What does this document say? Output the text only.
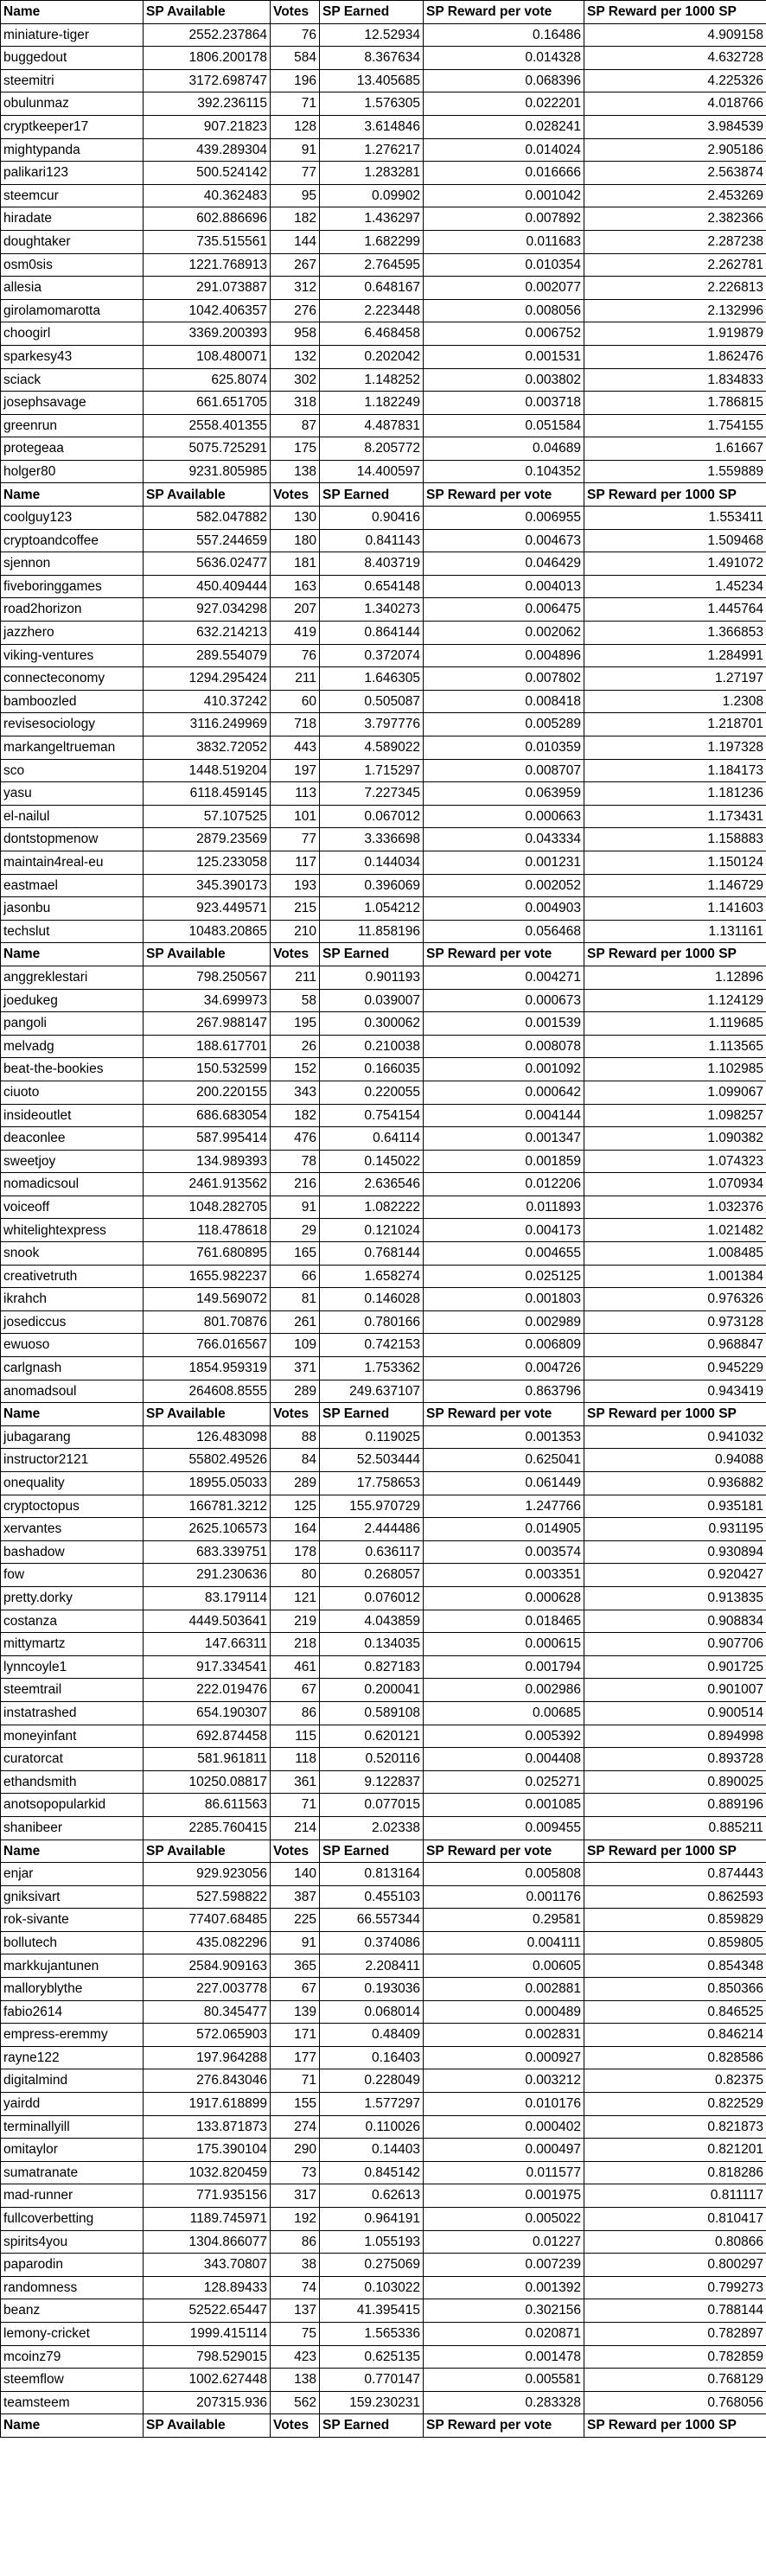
Name	SP Available	Votes	SP Earned	SP Reward per vote	SP Reward per 1000 SP
miniature-tiger	2552.237864	76	12.52934	0.16486	4.909158
buggedout	1806.200178	584	8.367634	0.014328	4.632728
steemitri	3172.698747	196	13.405685	0.068396	4.225326
obulunmaz	392.236115	71	1.576305	0.022201	4.018766
cryptkeeper17	907.21823	128	3.614846	0.028241	3.984539
mightypanda	439.289304	91	1.276217	0.014024	2.905186
palikari123	500.524142	77	1.283281	0.016666	2.563874
steemcur	40.362483	95	0.09902	0.001042	2.453269
hiradate	602.886696	182	1.436297	0.007892	2.382366
doughtaker	735.515561	144	1.682299	0.011683	2.287238
osm0sis	1221.768913	267	2.764595	0.010354	2.262781
allesia	291.073887	312	0.648167	0.002077	2.226813
girolamomarotta	1042.406357	276	2.223448	0.008056	2.132996
choogirl	3369.200393	958	6.468458	0.006752	1.919879
sparkesy43	108.480071	132	0.202042	0.001531	1.862476
sciack	625.8074	302	1.148252	0.003802	1.834833
josephsavage	661.651705	318	1.182249	0.003718	1.786815
greenrun	2558.401355	87	4.487831	0.051584	1.754155
protegeaa	5075.725291	175	8.205772	0.04689	1.61667
holger80	9231.805985	138	14.400597	0.104352	1.559889
Name	SP Available	Votes	SP Earned	SP Reward per vote	SP Reward per 1000 SP
coolguy123	582.047882	130	0.90416	0.006955	1.553411
cryptoandcoffee	557.244659	180	0.841143	0.004673	1.509468
sjennon	5636.02477	181	8.403719	0.046429	1.491072
fiveboringgames	450.409444	163	0.654148	0.004013	1.45234
road2horizon	927.034298	207	1.340273	0.006475	1.445764
jazzhero	632.214213	419	0.864144	0.002062	1.366853
viking-ventures	289.554079	76	0.372074	0.004896	1.284991
connecteconomy	1294.295424	211	1.646305	0.007802	1.27197
bamboozled	410.37242	60	0.505087	0.008418	1.2308
revisesociology	3116.249969	718	3.797776	0.005289	1.218701
markangeltrueman	3832.72052	443	4.589022	0.010359	1.197328
sco	1448.519204	197	1.715297	0.008707	1.184173
yasu	6118.459145	113	7.227345	0.063959	1.181236
el-nailul	57.107525	101	0.067012	0.000663	1.173431
dontstopmenow	2879.23569	77	3.336698	0.043334	1.158883
maintain4real-eu	125.233058	117	0.144034	0.001231	1.150124
eastmael	345.390173	193	0.396069	0.002052	1.146729
jasonbu	923.449571	215	1.054212	0.004903	1.141603
techslut	10483.20865	210	11.858196	0.056468	1.131161
Name	SP Available	Votes	SP Earned	SP Reward per vote	SP Reward per 1000 SP
anggreklestari	798.250567	211	0.901193	0.004271	1.12896
joedukeg	34.699973	58	0.039007	0.000673	1.124129
pangoli	267.988147	195	0.300062	0.001539	1.119685
melvadg	188.617701	26	0.210038	0.008078	1.113565
beat-the-bookies	150.532599	152	0.166035	0.001092	1.102985
ciuoto	200.220155	343	0.220055	0.000642	1.099067
insideoutlet	686.683054	182	0.754154	0.004144	1.098257
deaconlee	587.995414	476	0.64114	0.001347	1.090382
sweetjoy	134.989393	78	0.145022	0.001859	1.074323
nomadicsoul	2461.913562	216	2.636546	0.012206	1.070934
voiceoff	1048.282705	91	1.082222	0.011893	1.032376
whitelightexpress	118.478618	29	0.121024	0.004173	1.021482
snook	761.680895	165	0.768144	0.004655	1.008485
creativetruth	1655.982237	66	1.658274	0.025125	1.001384
ikrahch	149.569072	81	0.146028	0.001803	0.976326
josediccus	801.70876	261	0.780166	0.002989	0.973128
ewuoso	766.016567	109	0.742153	0.006809	0.968847
carlgnash	1854.959319	371	1.753362	0.004726	0.945229
anomadsoul	264608.8555	289	249.637107	0.863796	0.943419
Name	SP Available	Votes	SP Earned	SP Reward per vote	SP Reward per 1000 SP
jubagarang	126.483098	88	0.119025	0.001353	0.941032
instructor2121	55802.49526	84	52.503444	0.625041	0.94088
onequality	18955.05033	289	17.758653	0.061449	0.936882
cryptoctopus	166781.3212	125	155.970729	1.247766	0.935181
xervantes	2625.106573	164	2.444486	0.014905	0.931195
bashadow	683.339751	178	0.636117	0.003574	0.930894
fow	291.230636	80	0.268057	0.003351	0.920427
pretty.dorky	83.179114	121	0.076012	0.000628	0.913835
costanza	4449.503641	219	4.043859	0.018465	0.908834
mittymartz	147.66311	218	0.134035	0.000615	0.907706
lynncoyle1	917.334541	461	0.827183	0.001794	0.901725
steemtrail	222.019476	67	0.200041	0.002986	0.901007
instatrashed	654.190307	86	0.589108	0.00685	0.900514
moneyinfant	692.874458	115	0.620121	0.005392	0.894998
curatorcat	581.961811	118	0.520116	0.004408	0.893728
ethandsmith	10250.08817	361	9.122837	0.025271	0.890025
anotsopopularkid	86.611563	71	0.077015	0.001085	0.889196
shanibeer	2285.760415	214	2.02338	0.009455	0.885211
Name	SP Available	Votes	SP Earned	SP Reward per vote	SP Reward per 1000 SP
enjar	929.923056	140	0.813164	0.005808	0.874443
gniksivart	527.598822	387	0.455103	0.001176	0.862593
rok-sivante	77407.68485	225	66.557344	0.29581	0.859829
bollutech	435.082296	91	0.374086	0.004111	0.859805
markkujantunen	2584.909163	365	2.208411	0.00605	0.854348
malloryblythe	227.003778	67	0.193036	0.002881	0.850366
fabio2614	80.345477	139	0.068014	0.000489	0.846525
empress-eremmy	572.065903	171	0.48409	0.002831	0.846214
rayne122	197.964288	177	0.16403	0.000927	0.828586
digitalmind	276.843046	71	0.228049	0.003212	0.82375
yairdd	1917.618899	155	1.577297	0.010176	0.822529
terminallyill	133.871873	274	0.110026	0.000402	0.821873
omitaylor	175.390104	290	0.14403	0.000497	0.821201
sumatranate	1032.820459	73	0.845142	0.011577	0.818286
mad-runner	771.935156	317	0.62613	0.001975	0.811117
fullcoverbetting	1189.745971	192	0.964191	0.005022	0.810417
spirits4you	1304.866077	86	1.055193	0.01227	0.80866
paparodin	343.70807	38	0.275069	0.007239	0.800297
randomness	128.89433	74	0.103022	0.001392	0.799273
beanz	52522.65447	137	41.395415	0.302156	0.788144
lemony-cricket	1999.415114	75	1.565336	0.020871	0.782897
mcoinz79	798.529015	423	0.625135	0.001478	0.782859
steemflow	1002.627448	138	0.770147	0.005581	0.768129
teamsteem	207315.936	562	159.230231	0.283328	0.768056
Name	SP Available	Votes	SP Earned	SP Reward per vote	SP Reward per 1000 SP
